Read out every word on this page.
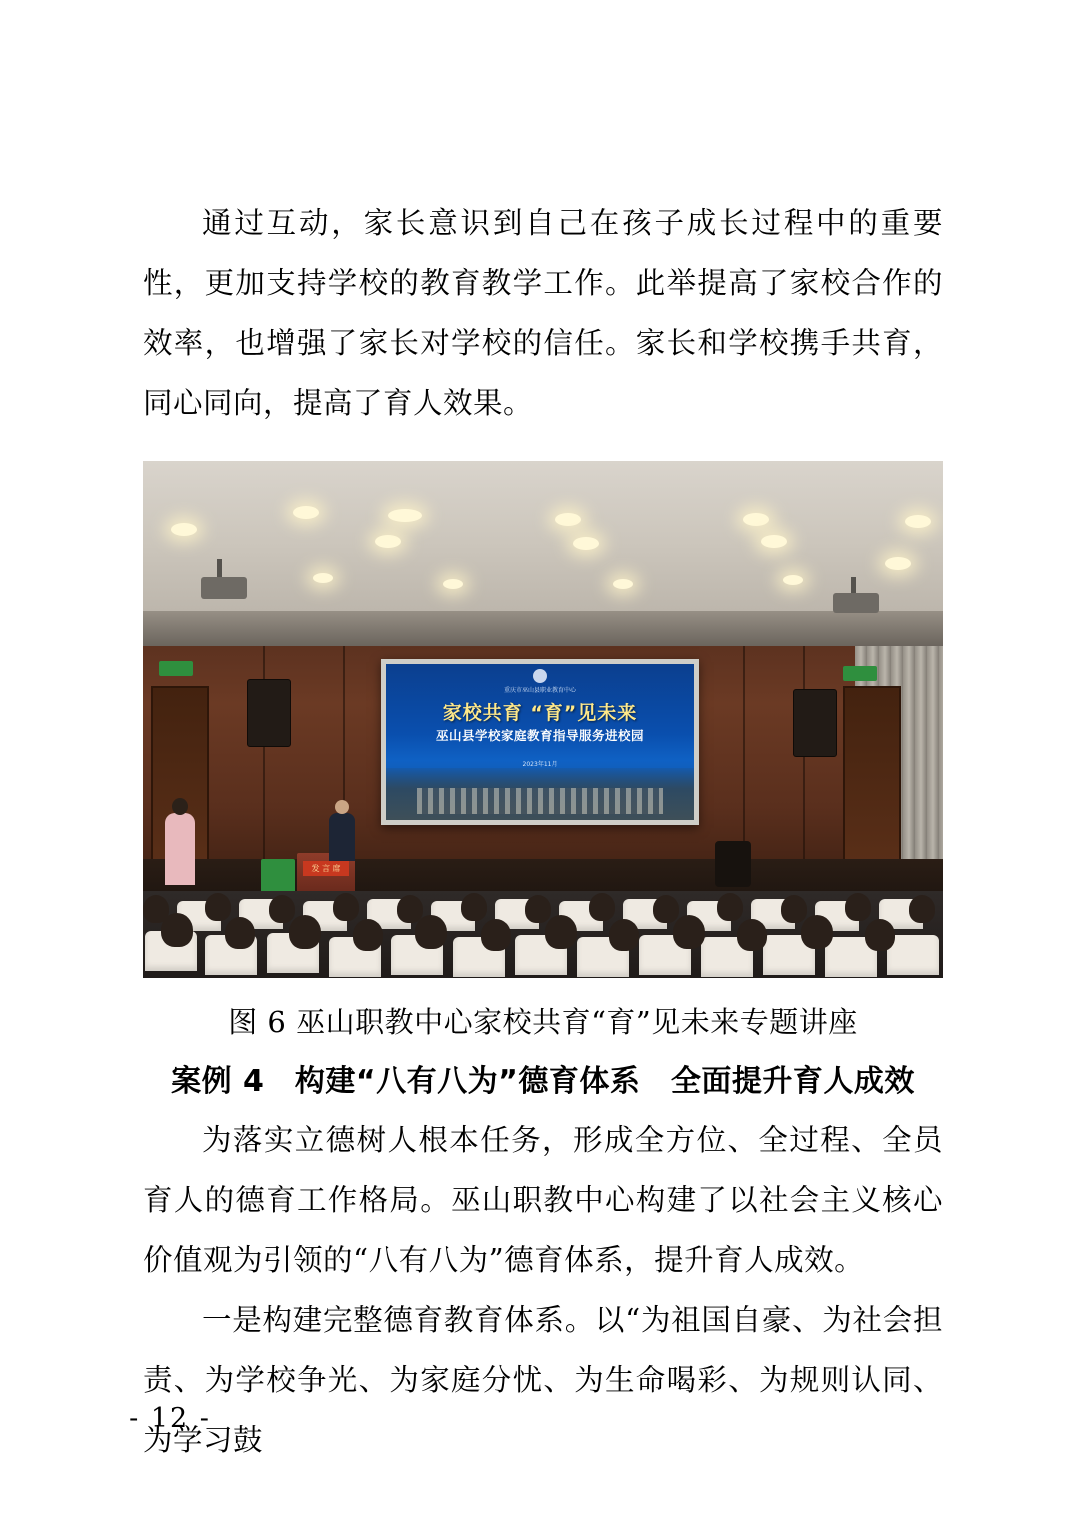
通过互动，家长意识到自己在孩子成长过程中的重要性，更加支持学校的教育教学工作。此举提高了家校合作的效率，也增强了家长对学校的信任。家长和学校携手共育，同心同向，提高了育人效果。

重庆市巫山县职业教育中心
家校共育 “育”见未来
巫山县学校家庭教育指导服务进校园
2023年11月
发 言 席
图 6 巫山职教中心家校共育“育”见未来专题讲座
案例 4　构建“八有八为”德育体系　全面提升育人成效

为落实立德树人根本任务，形成全方位、全过程、全员育人的德育工作格局。巫山职教中心构建了以社会主义核心价值观为引领的“八有八为”德育体系，提升育人成效。

一是构建完整德育教育体系。以“为祖国自豪、为社会担责、为学校争光、为家庭分忧、为生命喝彩、为规则认同、为学习鼓

- 12 -
